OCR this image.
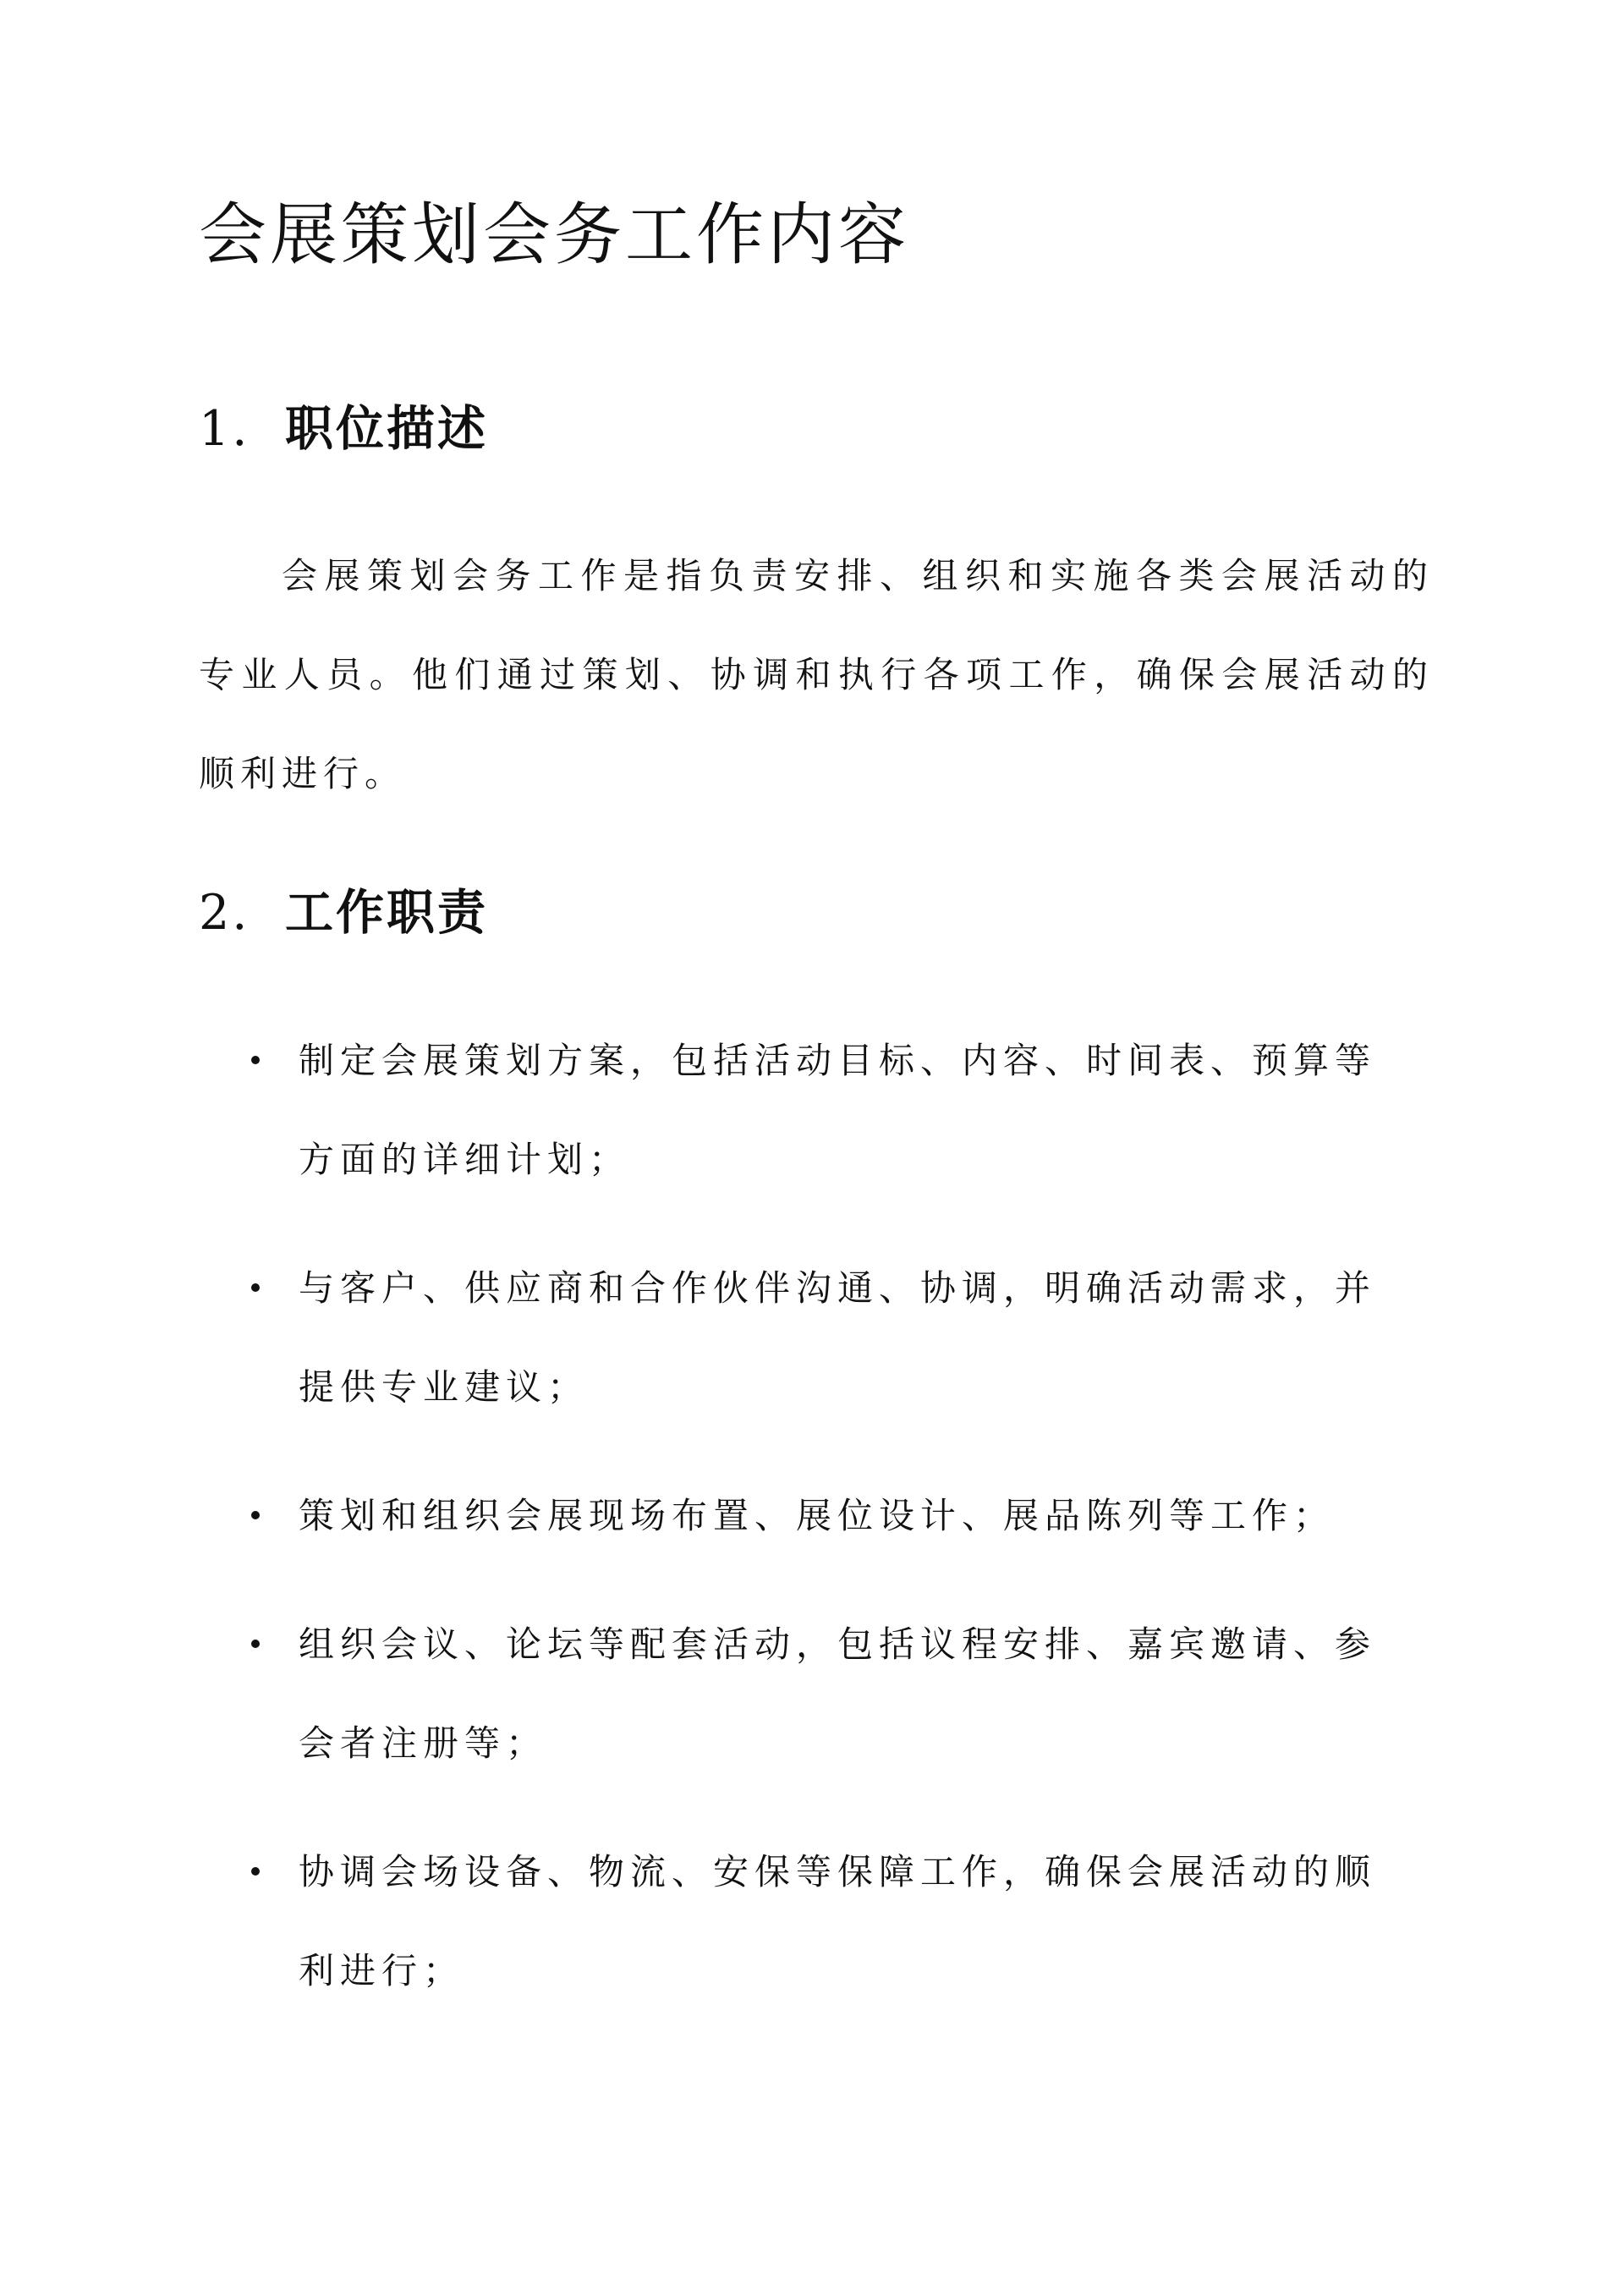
会展策划会务工作内容
1. 职位描述

会展策划会务工作是指负责安排、组织和实施各类会展活动的专业人员。他们通过策划、协调和执行各项工作，确保会展活动的顺利进行。

2. 工作职责
制定会展策划方案，包括活动目标、内容、时间表、预算等方面的详细计划；
与客户、供应商和合作伙伴沟通、协调，明确活动需求，并提供专业建议；
策划和组织会展现场布置、展位设计、展品陈列等工作；
组织会议、论坛等配套活动，包括议程安排、嘉宾邀请、参会者注册等；
协调会场设备、物流、安保等保障工作，确保会展活动的顺利进行；
